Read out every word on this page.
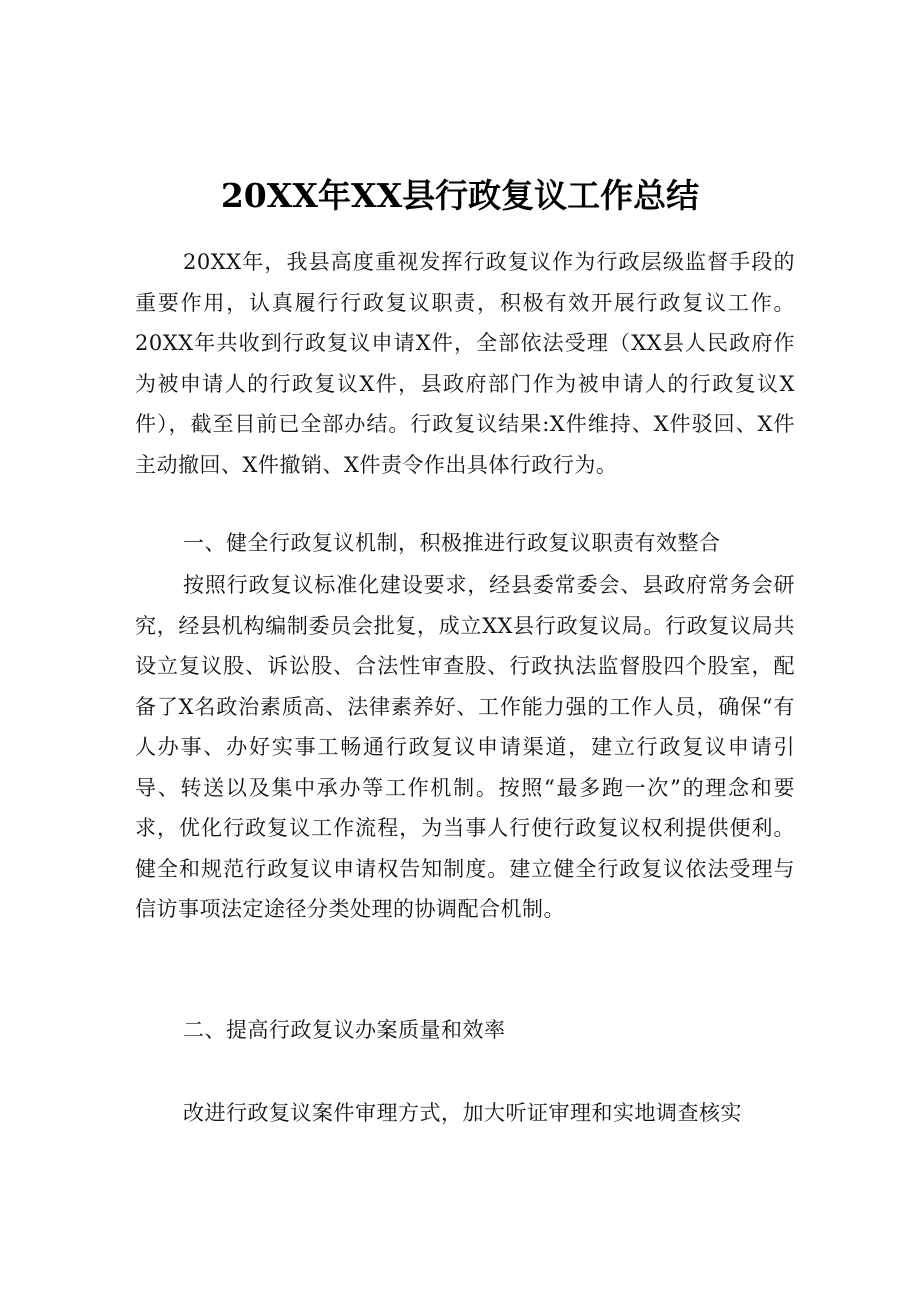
20XX年XX县行政复议工作总结

20XX年，我县高度重视发挥行政复议作为行政层级监督手段的重要作用，认真履行行政复议职责，积极有效开展行政复议工作。20XX年共收到行政复议申请X件，全部依法受理（XX县人民政府作为被申请人的行政复议X件，县政府部门作为被申请人的行政复议X件），截至目前已全部办结。行政复议结果:X件维持、X件驳回、X件主动撤回、X件撤销、X件责令作出具体行政行为。

一、健全行政复议机制，积极推进行政复议职责有效整合

按照行政复议标准化建设要求，经县委常委会、县政府常务会研究，经县机构编制委员会批复，成立XX县行政复议局。行政复议局共设立复议股、诉讼股、合法性审查股、行政执法监督股四个股室，配备了X名政治素质高、法律素养好、工作能力强的工作人员，确保“有人办事、办好实事工畅通行政复议申请渠道，建立行政复议申请引导、转送以及集中承办等工作机制。按照“最多跑一次”的理念和要求，优化行政复议工作流程，为当事人行使行政复议权利提供便利。健全和规范行政复议申请权告知制度。建立健全行政复议依法受理与信访事项法定途径分类处理的协调配合机制。

二、提高行政复议办案质量和效率

改进行政复议案件审理方式，加大听证审理和实地调查核实
